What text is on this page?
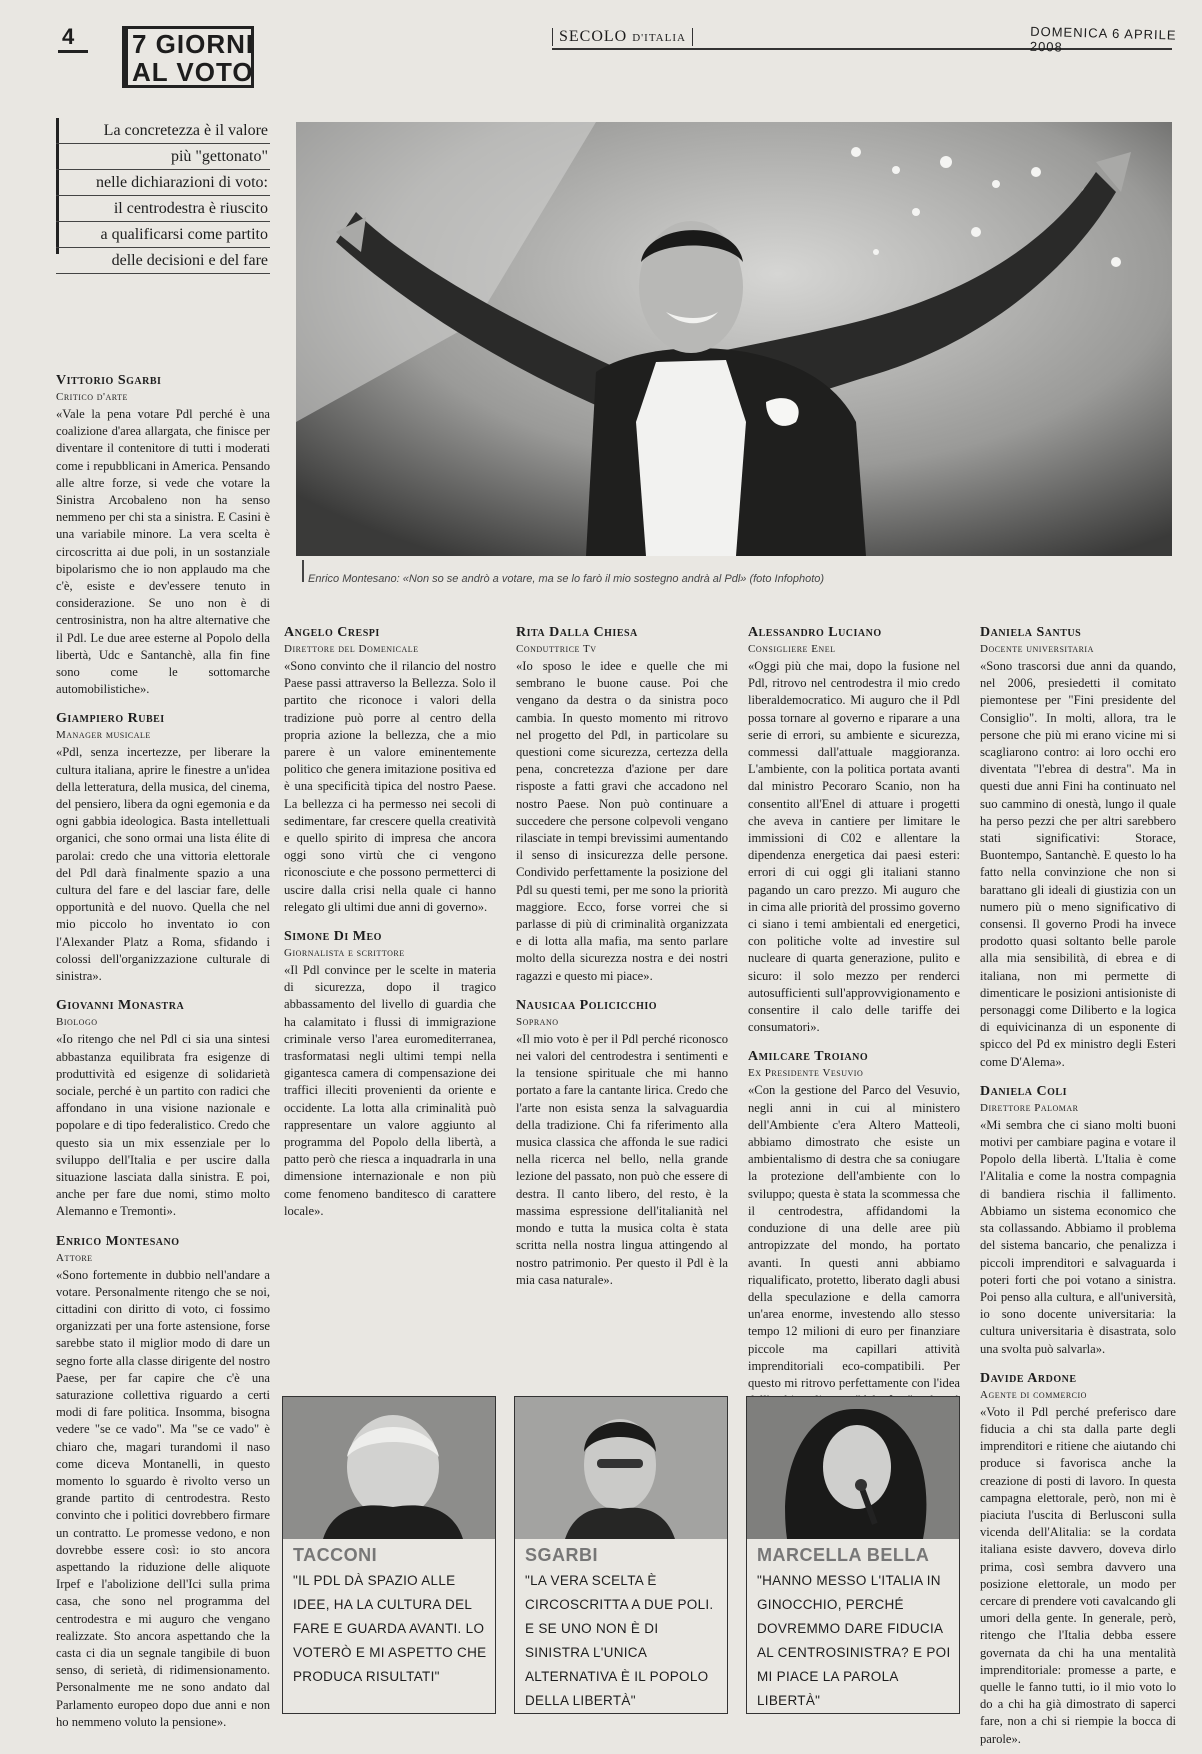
4 7 GIORNI
AL VOTO
SECOLO D'ITALIA	DOMENICA 6 APRILE 2008
La concretezza è il valore
più "gettonato"
nelle dichiarazioni di voto:
il centrodestra è riuscito
a qualificarsi come partito
delle decisioni e del fare
Enrico Montesano: «Non so se andrò a votare, ma se lo farò il mio sostegno andrà al Pdl» (foto Infophoto)

Vittorio Sgarbi

Critico d'arte

«Vale la pena votare Pdl perché è una coalizione d'area allargata, che finisce per diventare il contenitore di tutti i moderati come i repubblicani in America. Pensando alle altre forze, si vede che votare la Sinistra Arcobaleno non ha senso nemmeno per chi sta a sinistra. E Casini è una variabile minore. La vera scelta è circoscritta ai due poli, in un sostanziale bipolarismo che io non applaudo ma che c'è, esiste e dev'essere tenuto in considerazione. Se uno non è di centrosinistra, non ha altre alternative che il Pdl. Le due aree esterne al Popolo della libertà, Udc e Santanchè, alla fin fine sono come le sottomarche automobilistiche».

Giampiero Rubei

Manager musicale

«Pdl, senza incertezze, per liberare la cultura italiana, aprire le finestre a un'idea della letteratura, della musica, del cinema, del pensiero, libera da ogni egemonia e da ogni gabbia ideologica. Basta intellettuali organici, che sono ormai una lista élite di parolai: credo che una vittoria elettorale del Pdl darà finalmente spazio a una cultura del fare e del lasciar fare, delle opportunità e del nuovo. Quella che nel mio piccolo ho inventato io con l'Alexander Platz a Roma, sfidando i colossi dell'organizzazione culturale di sinistra».

Giovanni Monastra

Biologo

«Io ritengo che nel Pdl ci sia una sintesi abbastanza equilibrata fra esigenze di produttività ed esigenze di solidarietà sociale, perché è un partito con radici che affondano in una visione nazionale e popolare e di tipo federalistico. Credo che questo sia un mix essenziale per lo sviluppo dell'Italia e per uscire dalla situazione lasciata dalla sinistra. E poi, anche per fare due nomi, stimo molto Alemanno e Tremonti».

Enrico Montesano

Attore

«Sono fortemente in dubbio nell'andare a votare. Personalmente ritengo che se noi, cittadini con diritto di voto, ci fossimo organizzati per una forte astensione, forse sarebbe stato il miglior modo di dare un segno forte alla classe dirigente del nostro Paese, per far capire che c'è una saturazione collettiva riguardo a certi modi di fare politica. Insomma, bisogna vedere "se ce vado". Ma "se ce vado" è chiaro che, magari turandomi il naso come diceva Montanelli, in questo momento lo sguardo è rivolto verso un grande partito di centrodestra. Resto convinto che i politici dovrebbero firmare un contratto. Le promesse vedono, e non dovrebbe essere così: io sto ancora aspettando la riduzione delle aliquote Irpef e l'abolizione dell'Ici sulla prima casa, che sono nel programma del centrodestra e mi auguro che vengano realizzate. Sto ancora aspettando che la casta ci dia un segnale tangibile di buon senso, di serietà, di ridimensionamento. Personalmente me ne sono andato dal Parlamento europeo dopo due anni e non ho nemmeno voluto la pensione».

Angelo Crespi

Direttore del Domenicale

«Sono convinto che il rilancio del nostro Paese passi attraverso la Bellezza. Solo il partito che riconoce i valori della tradizione può porre al centro della propria azione la bellezza, che a mio parere è un valore eminentemente politico che genera imitazione positiva ed è una specificità tipica del nostro Paese. La bellezza ci ha permesso nei secoli di sedimentare, far crescere quella creatività e quello spirito di impresa che ancora oggi sono virtù che ci vengono riconosciute e che possono permetterci di uscire dalla crisi nella quale ci hanno relegato gli ultimi due anni di governo».

Simone Di Meo

Giornalista e scrittore

«Il Pdl convince per le scelte in materia di sicurezza, dopo il tragico abbassamento del livello di guardia che ha calamitato i flussi di immigrazione criminale verso l'area euromediterranea, trasformatasi negli ultimi tempi nella gigantesca camera di compensazione dei traffici illeciti provenienti da oriente e occidente. La lotta alla criminalità può rappresentare un valore aggiunto al programma del Popolo della libertà, a patto però che riesca a inquadrarla in una dimensione internazionale e non più come fenomeno banditesco di carattere locale».

Rita Dalla Chiesa

Conduttrice Tv

«Io sposo le idee e quelle che mi sembrano le buone cause. Poi che vengano da destra o da sinistra poco cambia. In questo momento mi ritrovo nel progetto del Pdl, in particolare su questioni come sicurezza, certezza della pena, concretezza d'azione per dare risposte a fatti gravi che accadono nel nostro Paese. Non può continuare a succedere che persone colpevoli vengano rilasciate in tempi brevissimi aumentando il senso di insicurezza delle persone. Condivido perfettamente la posizione del Pdl su questi temi, per me sono la priorità maggiore. Ecco, forse vorrei che si parlasse di più di criminalità organizzata e di lotta alla mafia, ma sento parlare molto della sicurezza nostra e dei nostri ragazzi e questo mi piace».

Nausicaa Policicchio

Soprano

«Il mio voto è per il Pdl perché riconosco nei valori del centrodestra i sentimenti e la tensione spirituale che mi hanno portato a fare la cantante lirica. Credo che l'arte non esista senza la salvaguardia della tradizione. Chi fa riferimento alla musica classica che affonda le sue radici nella ricerca nel bello, nella grande lezione del passato, non può che essere di destra. Il canto libero, del resto, è la massima espressione dell'italianità nel mondo e tutta la musica colta è stata scritta nella nostra lingua attingendo al nostro patrimonio. Per questo il Pdl è la mia casa naturale».

Alessandro Luciano

Consigliere Enel

«Oggi più che mai, dopo la fusione nel Pdl, ritrovo nel centrodestra il mio credo liberaldemocratico. Mi auguro che il Pdl possa tornare al governo e riparare a una serie di errori, su ambiente e sicurezza, commessi dall'attuale maggioranza. L'ambiente, con la politica portata avanti dal ministro Pecoraro Scanio, non ha consentito all'Enel di attuare i progetti che aveva in cantiere per limitare le immissioni di C02 e allentare la dipendenza energetica dai paesi esteri: errori di cui oggi gli italiani stanno pagando un caro prezzo. Mi auguro che in cima alle priorità del prossimo governo ci siano i temi ambientali ed energetici, con politiche volte ad investire sul nucleare di quarta generazione, pulito e sicuro: il solo mezzo per renderci autosufficienti sull'approvvigionamento e consentire il calo delle tariffe dei consumatori».

Amilcare Troiano

Ex Presidente Vesuvio

«Con la gestione del Parco del Vesuvio, negli anni in cui al ministero dell'Ambiente c'era Altero Matteoli, abbiamo dimostrato che esiste un ambientalismo di destra che sa coniugare la protezione dell'ambiente con lo sviluppo; questa è stata la scommessa che il centrodestra, affidandomi la conduzione di una delle aree più antropizzate del mondo, ha portato avanti. In questi anni abbiamo riqualificato, protetto, liberato dagli abusi della speculazione e della camorra un'area enorme, investendo allo stesso tempo 12 milioni di euro per finanziare piccole ma capillari attività imprenditoriali eco-compatibili. Per questo mi ritrovo perfettamente con l'idea

Daniela Santus

Docente universitaria

«Sono trascorsi due anni da quando, nel 2006, presiedetti il comitato piemontese per "Fini presidente del Consiglio". In molti, allora, tra le persone che più mi erano vicine mi si scagliarono contro: ai loro occhi ero diventata "l'ebrea di destra". Ma in questi due anni Fini ha continuato nel suo cammino di onestà, lungo il quale ha perso pezzi che per altri sarebbero stati significativi: Storace, Buontempo, Santanchè. E questo lo ha fatto nella convinzione che non si barattano gli ideali di giustizia con un numero più o meno significativo di consensi. Il governo Prodi ha invece prodotto quasi soltanto belle parole alla mia sensibilità, di ebrea e di italiana, non mi permette di dimenticare le posizioni antisioniste di personaggi come Diliberto e la logica di equivicinanza di un esponente di spicco del Pd ex ministro degli Esteri come D'Alema».

Daniela Coli

Direttore Palomar

«Mi sembra che ci siano molti buoni motivi per cambiare pagina e votare il Popolo della libertà. L'Italia è come l'Alitalia e come la nostra compagnia di bandiera rischia il fallimento. Abbiamo un sistema economico che sta collassando. Abbiamo il problema del sistema bancario, che penalizza i piccoli imprenditori e salvaguarda i poteri forti che poi votano a sinistra. Poi penso alla cultura, e all'università, io sono docente universitaria: la cultura universitaria è disastrata, solo una svolta può salvarla».

Davide Ardone

Agente di commercio

«Voto il Pdl perché preferisco dare fiducia a chi sta dalla parte degli imprenditori e ritiene che aiutando chi produce si favorisca anche la creazione di posti di lavoro. In questa campagna elettorale, però, non mi è piaciuta l'uscita di Berlusconi sulla vicenda dell'Alitalia: se la cordata italiana esiste davvero, doveva dirlo prima, così sembra davvero una posizione elettorale, un modo per cercare di prendere voti cavalcando gli umori della gente. In generale, però, ritengo che l'Italia debba essere governata da chi ha una mentalità imprenditoriale: promesse a parte, e quelle le fanno tutti, io il mio voto lo do a chi ha già dimostrato di saperci fare, non a chi si riempie la bocca di parole».

TACCONI
"IL PDL DÀ SPAZIO ALLE IDEE, HA LA CULTURA DEL FARE E GUARDA AVANTI. LO VOTERÒ E MI ASPETTO CHE PRODUCA RISULTATI"
SGARBI
"LA VERA SCELTA È CIRCOSCRITTA A DUE POLI. E SE UNO NON È DI SINISTRA L'UNICA ALTERNATIVA È IL POPOLO DELLA LIBERTÀ"
MARCELLA BELLA
"HANNO MESSO L'ITALIA IN GINOCCHIO, PERCHÉ DOVREMMO DARE FIDUCIA AL CENTROSINISTRA? E POI MI PIACE LA PAROLA LIBERTÀ"
